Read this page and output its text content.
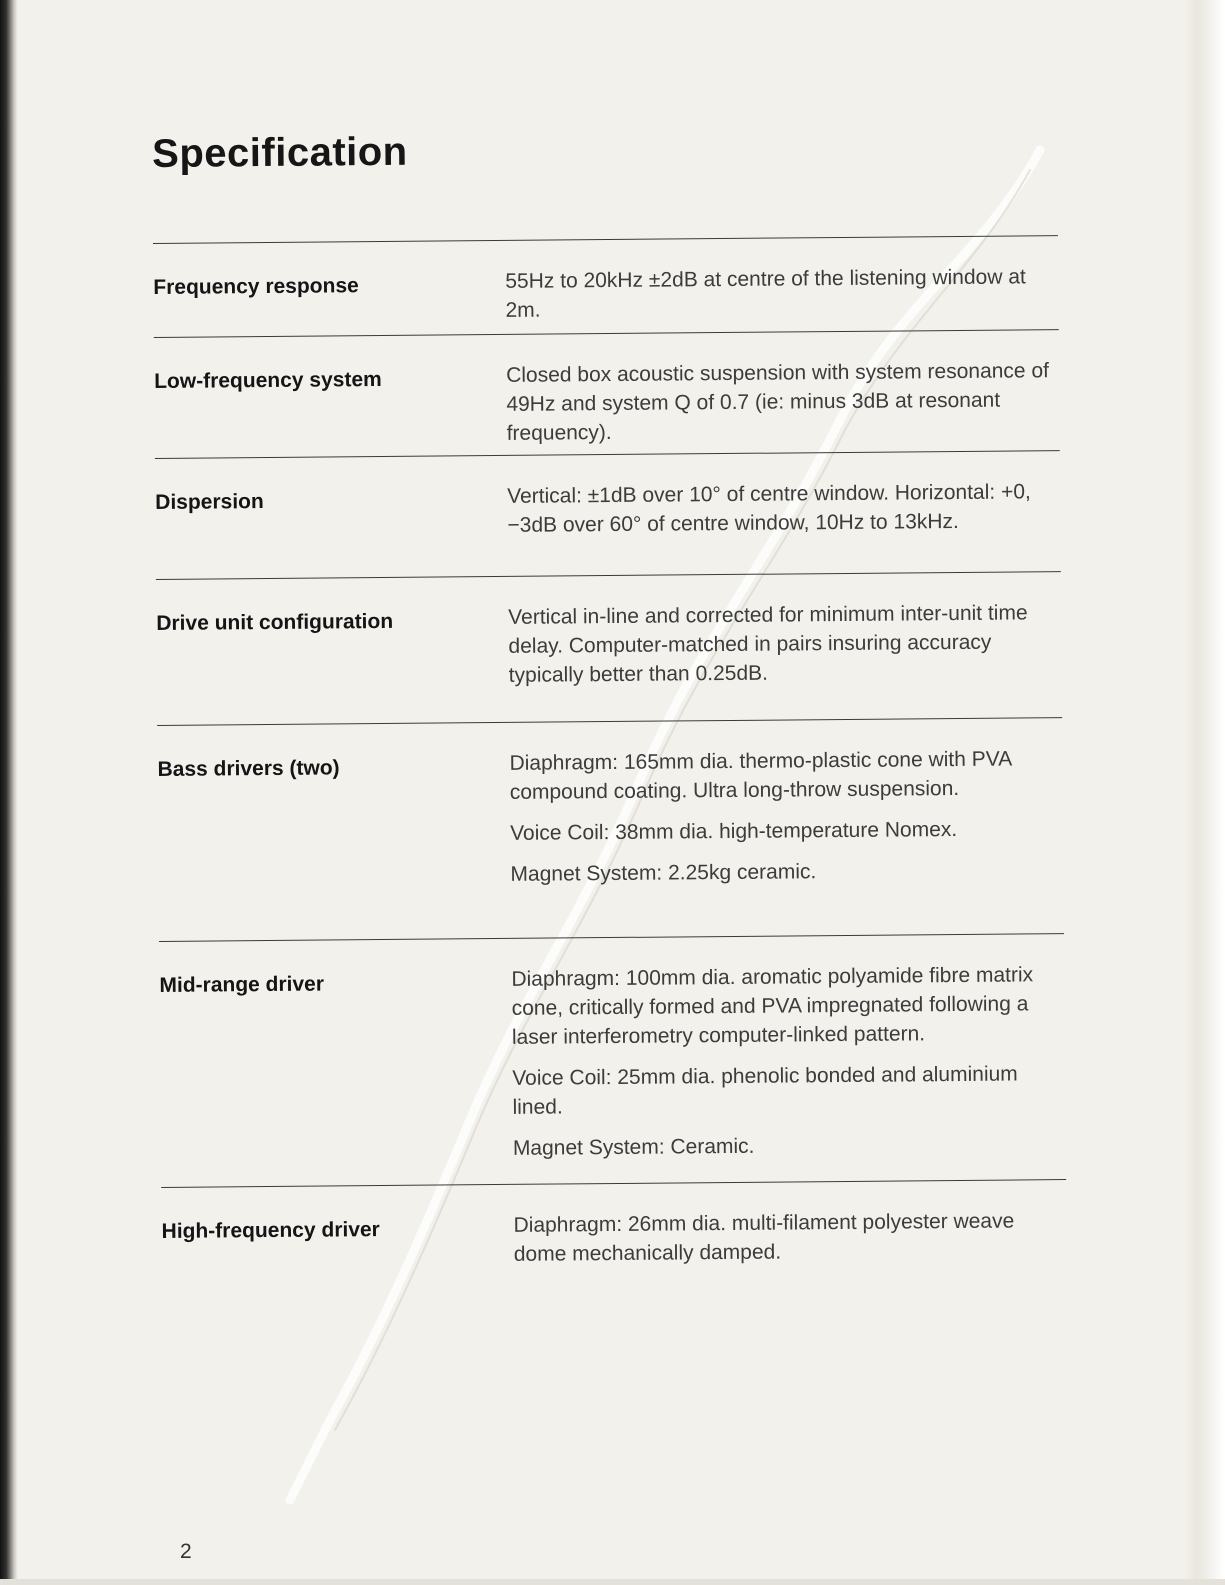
Specification
Frequency response	55Hz to 20kHz ±2dB at centre of the listening window at 2m.

Low-frequency system	Closed box acoustic suspension with system resonance of 49Hz and system Q of 0.7 (ie: minus 3dB at resonant frequency).

Dispersion	Vertical: ±1dB over 10° of centre window. Horizontal: +0, −3dB over 60° of centre window, 10Hz to 13kHz.

Drive unit configuration	Vertical in-line and corrected for minimum inter-unit time delay. Computer-matched in pairs insuring accuracy typically better than 0.25dB.

Bass drivers (two)	Diaphragm: 165mm dia. thermo-plastic cone with PVA compound coating. Ultra long-throw suspension.

Voice Coil: 38mm dia. high-temperature Nomex.

Magnet System: 2.25kg ceramic.

Mid-range driver	Diaphragm: 100mm dia. aromatic polyamide fibre matrix cone, critically formed and PVA impregnated following a laser interferometry computer-linked pattern.

Voice Coil: 25mm dia. phenolic bonded and aluminium lined.

Magnet System: Ceramic.

High-frequency driver	Diaphragm: 26mm dia. multi-filament polyester weave dome mechanically damped.

2
